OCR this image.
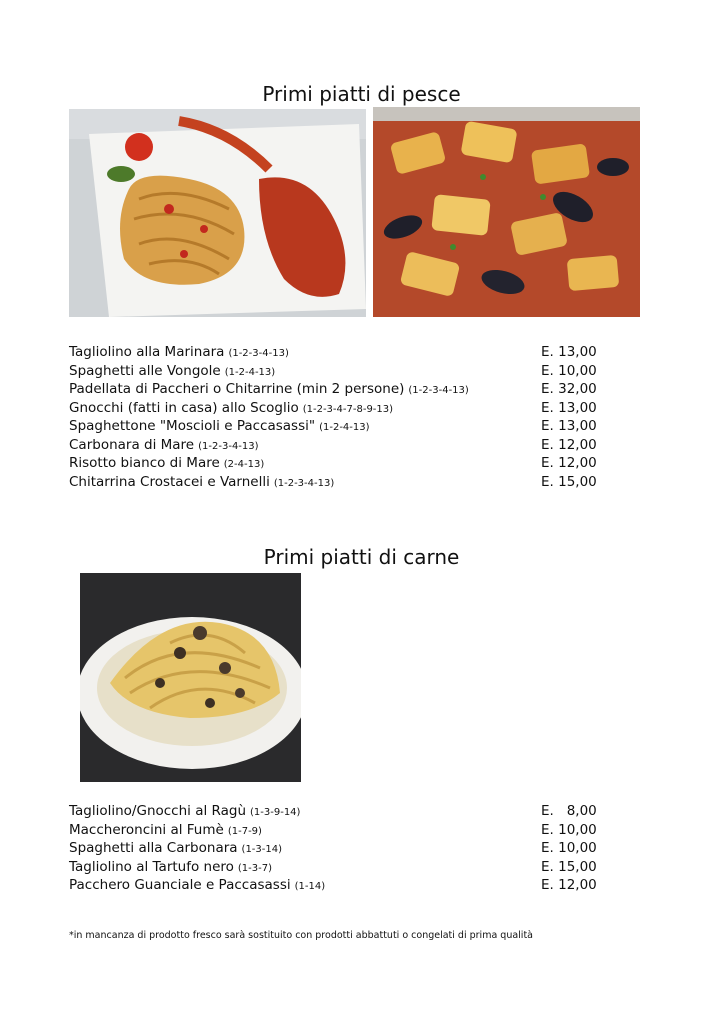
Primi piatti di pesce
Tagliolino alla Marinara (1-2-3-4-13)	E. 13,00
Spaghetti alle Vongole (1-2-4-13)	E. 10,00
Padellata di Paccheri o Chitarrine (min 2 persone) (1-2-3-4-13)	E. 32,00
Gnocchi (fatti in casa) allo Scoglio (1-2-3-4-7-8-9-13)	E. 13,00
Spaghettone "Moscioli e Paccasassi" (1-2-4-13)	E. 13,00
Carbonara di Mare (1-2-3-4-13)	E. 12,00
Risotto bianco di Mare (2-4-13)	E. 12,00
Chitarrina Crostacei e Varnelli (1-2-3-4-13)	E. 15,00
Primi piatti di carne
Tagliolino/Gnocchi al Ragù (1-3-9-14)	E.   8,00
Maccheroncini al Fumè (1-7-9)	E. 10,00
Spaghetti alla Carbonara (1-3-14)	E. 10,00
Tagliolino al Tartufo nero (1-3-7)	E. 15,00
Pacchero Guanciale e Paccasassi (1-14)	E. 12,00
*in mancanza di prodotto fresco sarà sostituito con prodotti abbattuti o congelati di prima qualità
